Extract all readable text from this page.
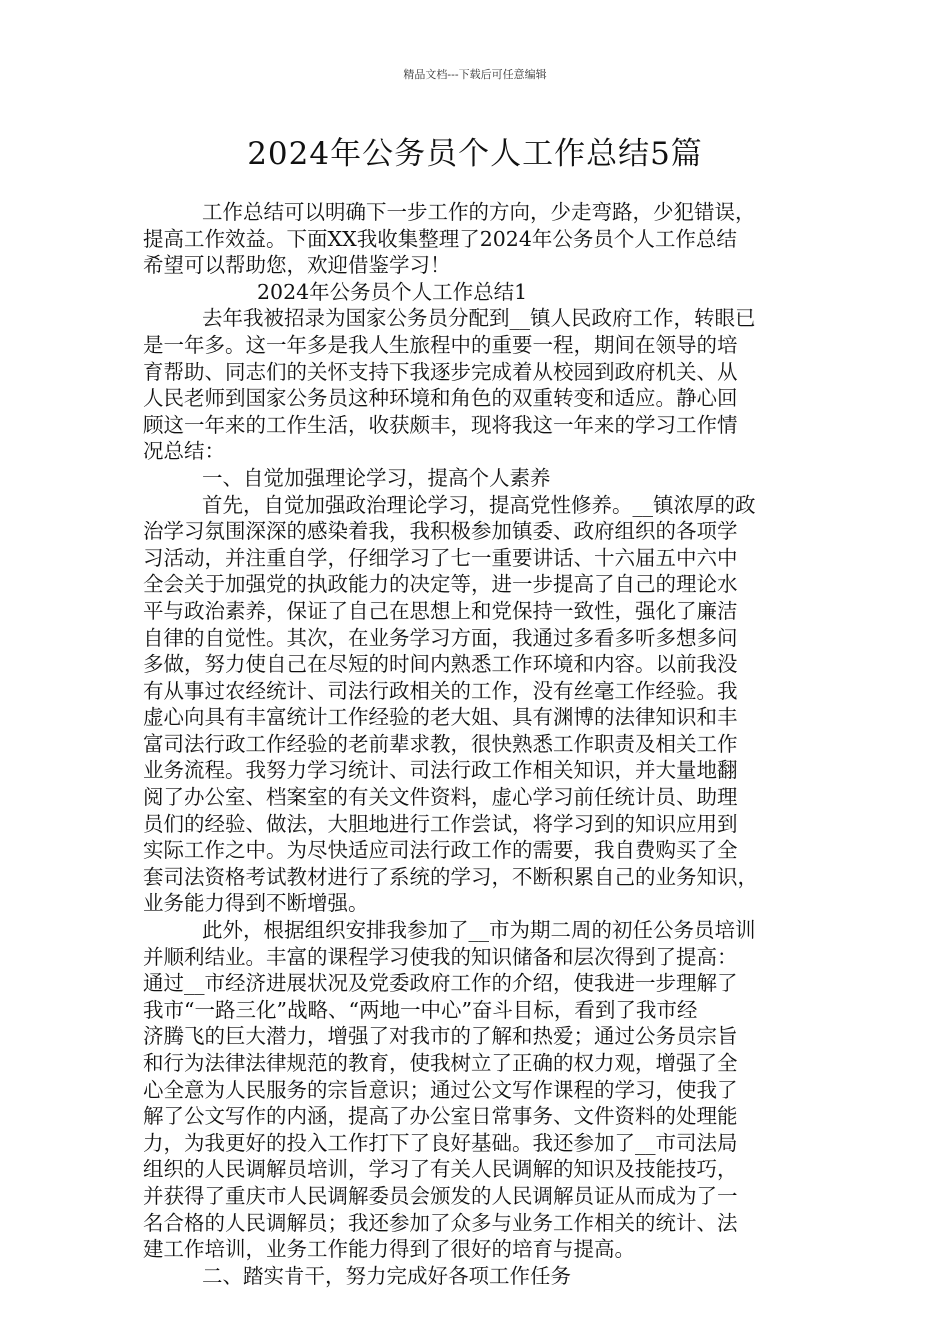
精品文档---下载后可任意编辑
2024年公务员个人工作总结5篇
工作总结可以明确下一步工作的方向，少走弯路，少犯错误，
提高工作效益。下面XX我收集整理了2024年公务员个人工作总结
希望可以帮助您，欢迎借鉴学习！
2024年公务员个人工作总结1
去年我被招录为国家公务员分配到__镇人民政府工作，转眼已
是一年多。这一年多是我人生旅程中的重要一程，期间在领导的培
育帮助、同志们的关怀支持下我逐步完成着从校园到政府机关、从
人民老师到国家公务员这种环境和角色的双重转变和适应。静心回
顾这一年来的工作生活，收获颇丰，现将我这一年来的学习工作情
况总结：
一、自觉加强理论学习，提高个人素养
首先，自觉加强政治理论学习，提高党性修养。__镇浓厚的政
治学习氛围深深的感染着我，我积极参加镇委、政府组织的各项学
习活动，并注重自学，仔细学习了七一重要讲话、十六届五中六中
全会关于加强党的执政能力的决定等，进一步提高了自己的理论水
平与政治素养，保证了自己在思想上和党保持一致性，强化了廉洁
自律的自觉性。其次，在业务学习方面，我通过多看多听多想多问
多做，努力使自己在尽短的时间内熟悉工作环境和内容。以前我没
有从事过农经统计、司法行政相关的工作，没有丝毫工作经验。我
虚心向具有丰富统计工作经验的老大姐、具有渊博的法律知识和丰
富司法行政工作经验的老前辈求教，很快熟悉工作职责及相关工作
业务流程。我努力学习统计、司法行政工作相关知识，并大量地翻
阅了办公室、档案室的有关文件资料，虚心学习前任统计员、助理
员们的经验、做法，大胆地进行工作尝试，将学习到的知识应用到
实际工作之中。为尽快适应司法行政工作的需要，我自费购买了全
套司法资格考试教材进行了系统的学习，不断积累自己的业务知识，
业务能力得到不断增强。
此外，根据组织安排我参加了__市为期二周的初任公务员培训
并顺利结业。丰富的课程学习使我的知识储备和层次得到了提高：
通过__市经济进展状况及党委政府工作的介绍，使我进一步理解了
我市“一路三化”战略、“两地一中心”奋斗目标，看到了我市经
济腾飞的巨大潜力，增强了对我市的了解和热爱；通过公务员宗旨
和行为法律法律规范的教育，使我树立了正确的权力观，增强了全
心全意为人民服务的宗旨意识；通过公文写作课程的学习，使我了
解了公文写作的内涵，提高了办公室日常事务、文件资料的处理能
力，为我更好的投入工作打下了良好基础。我还参加了__市司法局
组织的人民调解员培训，学习了有关人民调解的知识及技能技巧，
并获得了重庆市人民调解委员会颁发的人民调解员证从而成为了一
名合格的人民调解员；我还参加了众多与业务工作相关的统计、法
建工作培训，业务工作能力得到了很好的培育与提高。
二、踏实肯干，努力完成好各项工作任务
